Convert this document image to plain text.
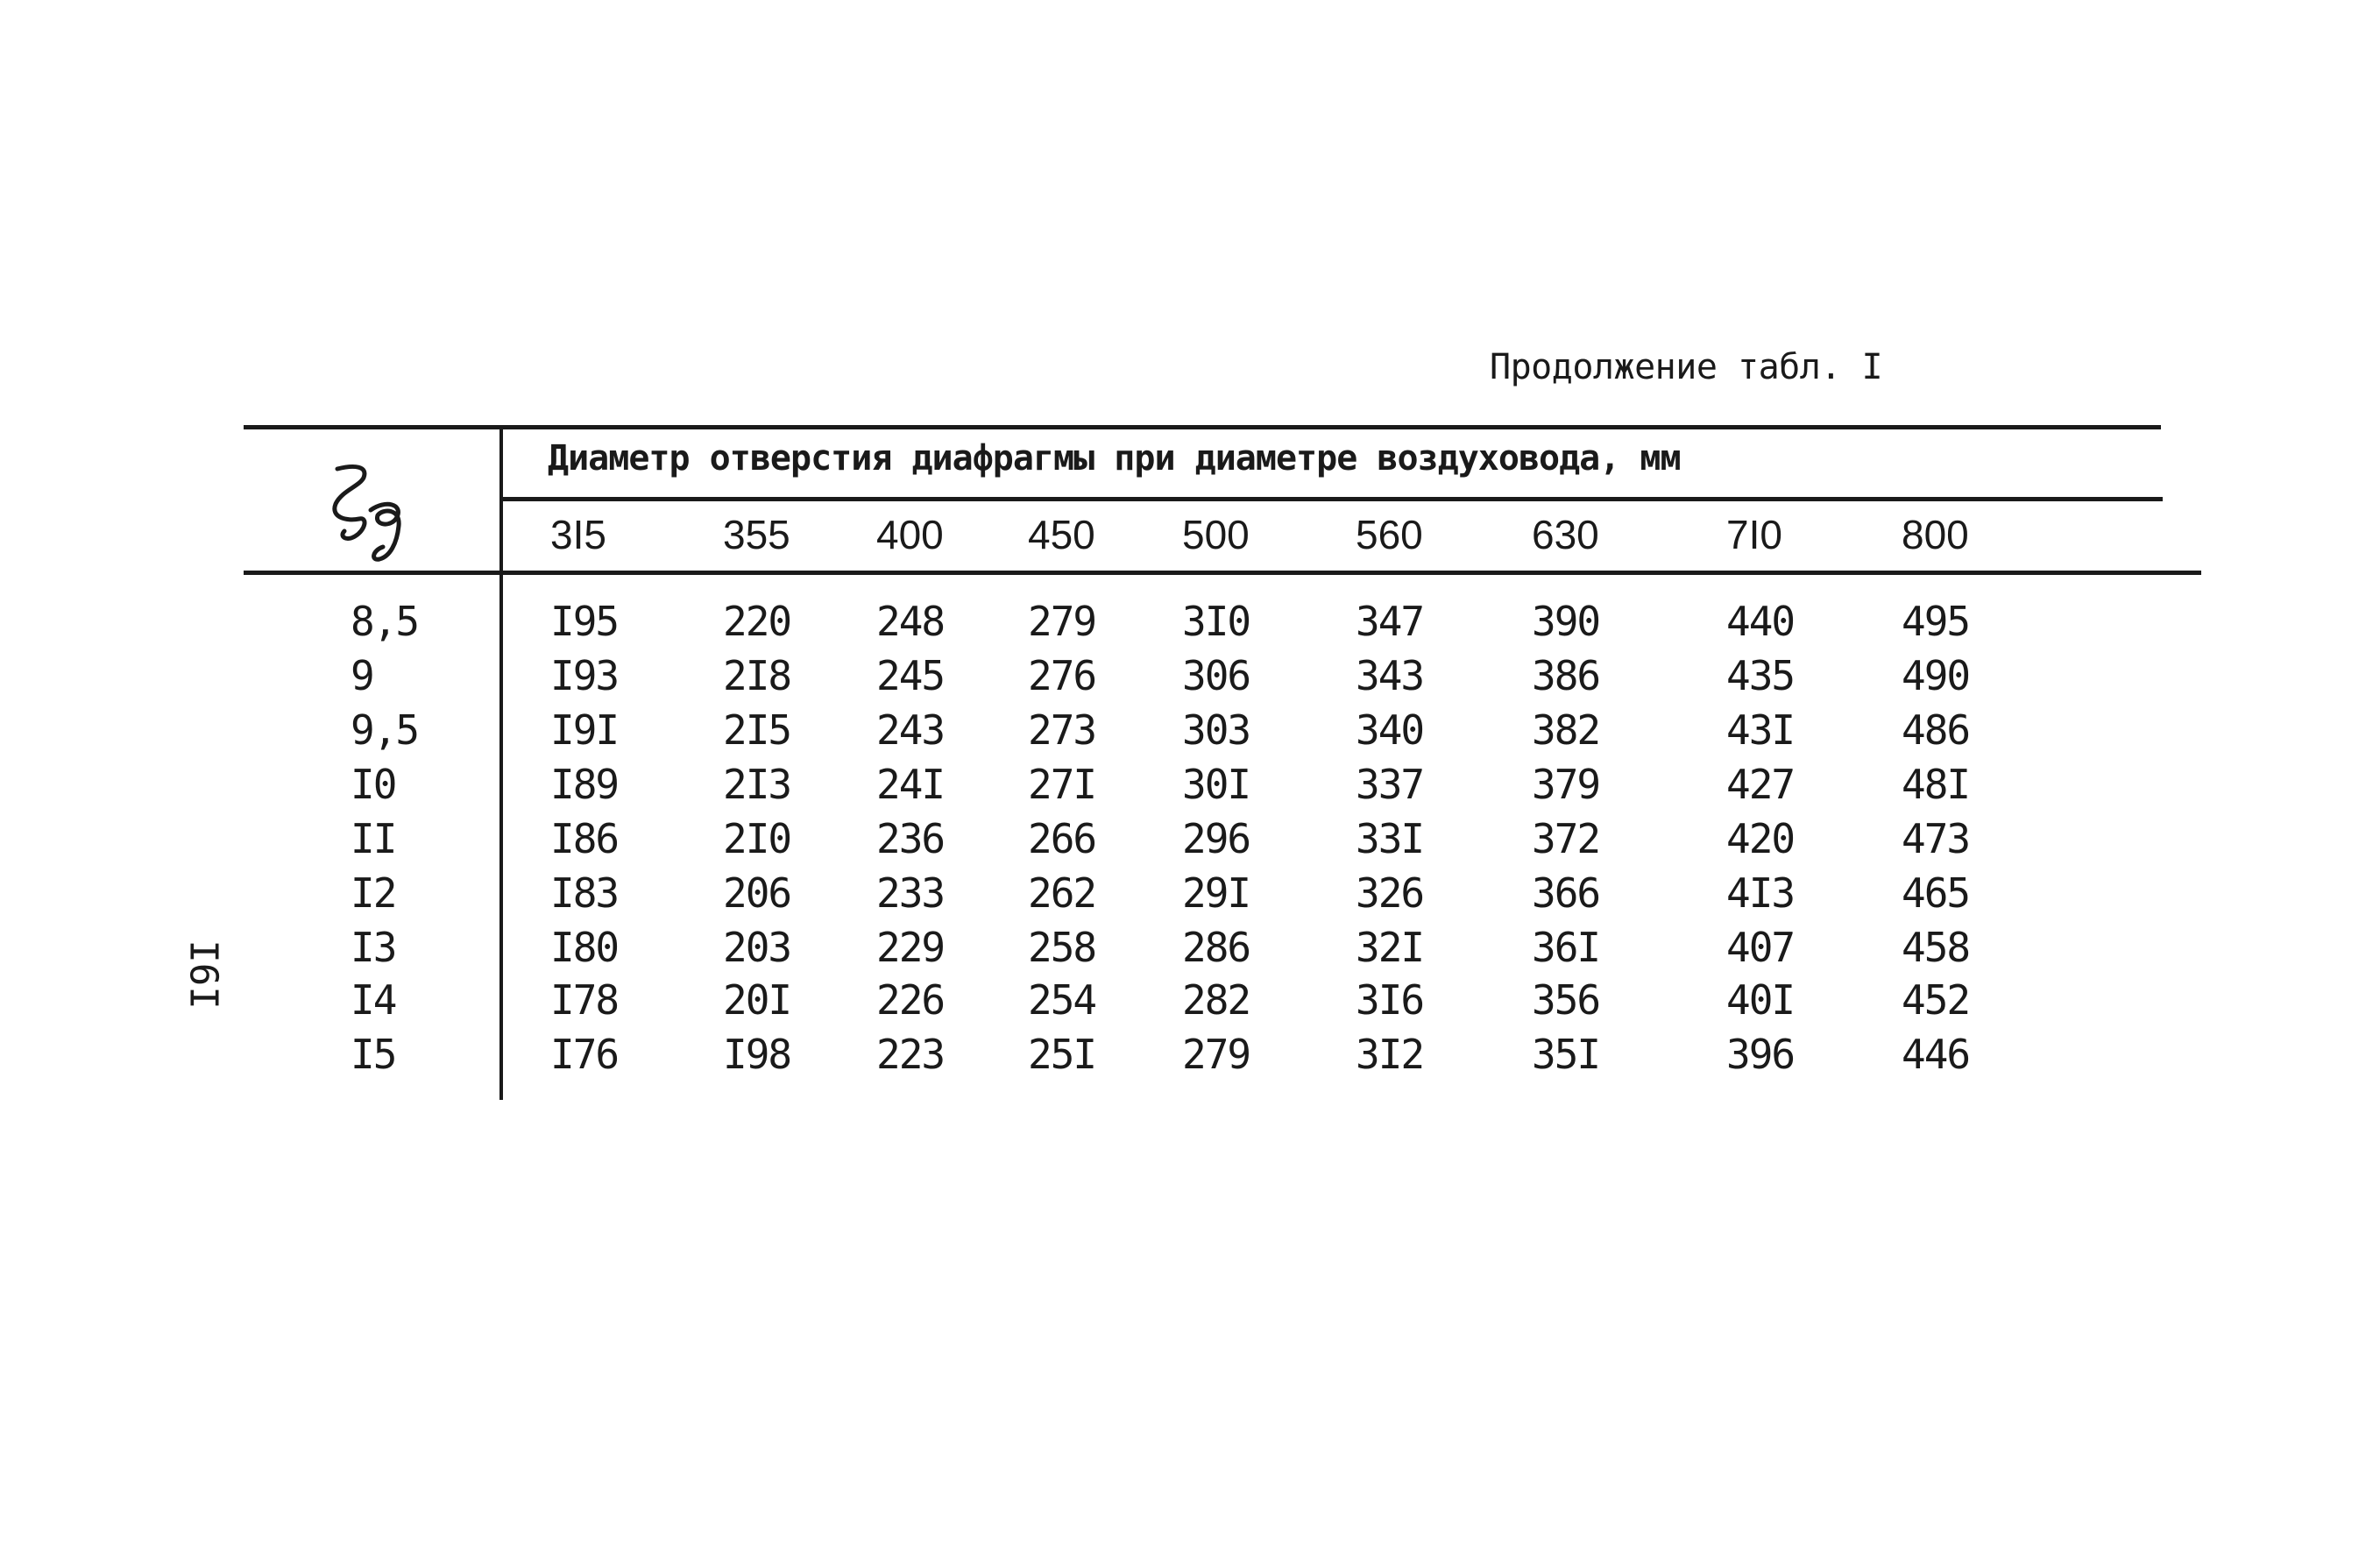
Продолжение табл. I
Диаметр отверстия диафрагмы при диаметре воздуховода, мм
3I5	355 400 450 500	560	630	7I0	800
8,5	I95	220 248 279 3I0	347	390	440	495
9	I93	2I8 245 276 306	343	386	435	490
9,5	I9I	2I5 243 273 303	340	382	43I	486
I0	I89	2I3 24I 27I 30I	337	379	427	48I
II	I86	2I0 236 266 296	33I	372	420	473
I2	I83	206 233 262 29I	326	366	4I3	465
I3	I80	203 229 258 286	32I	36I	407	458
I4	I78	20I 226 254 282	3I6	356	40I	452
I5	I76	I98 223 25I 279	3I2	35I	396	446
I6I
